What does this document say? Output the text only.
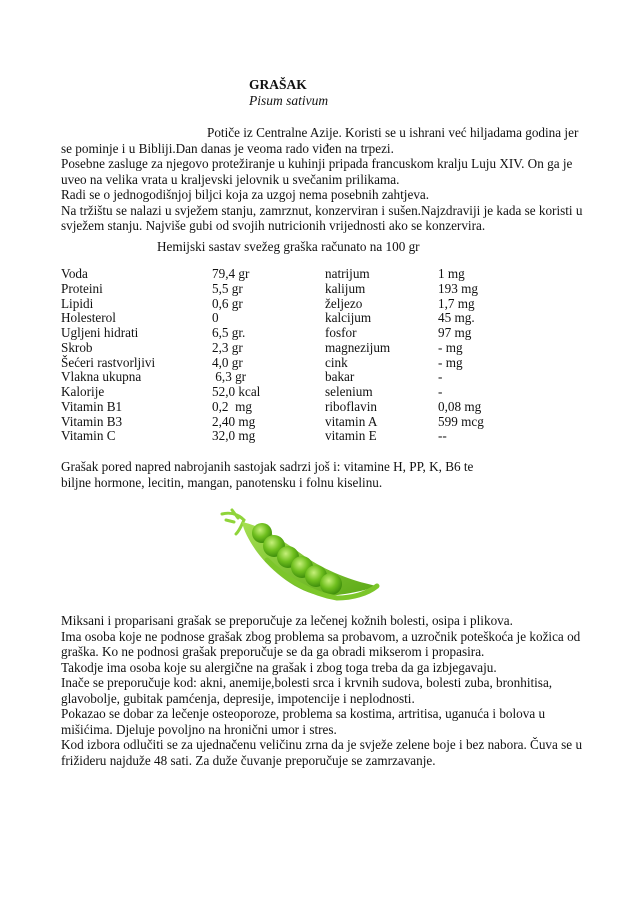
GRAŠAK
Pisum sativum
Potiče iz Centralne Azije. Koristi se u ishrani već hiljadama godina jer
se pominje i u Bibliji.Dan danas je veoma rado viđen na trpezi.
Posebne zasluge za njegovo protežiranje u kuhinji pripada francuskom kralju Luju XIV. On ga je
uveo na velika vrata u kraljevski jelovnik u svečanim prilikama.
Radi se o jednogodišnjoj biljci koja za uzgoj nema posebnih zahtjeva.
Na tržištu se nalazi u svježem stanju, zamrznut, konzerviran i sušen.Najzdraviji je kada se koristi u
svježem stanju. Najviše gubi od svojih nutricionih vrijednosti ako se konzervira.
Hemijski sastav svežeg graška računato na 100 gr
Voda	79,4 gr	natrijum	1 mg
Proteini	5,5 gr	kalijum	193 mg
Lipidi	0,6 gr	željezo	1,7 mg
Holesterol	0	kalcijum	45 mg.
Ugljeni hidrati	6,5 gr.	fosfor	97 mg
Skrob	2,3 gr	magnezijum	- mg
Šećeri rastvorljivi	4,0 gr	cink	- mg
Vlakna ukupna	6,3 gr	bakar	-
Kalorije	52,0 kcal	selenium	-
Vitamin B1	0,2  mg	riboflavin	0,08 mg
Vitamin B3	2,40 mg	vitamin A	599 mcg
Vitamin C	32,0 mg	vitamin E	--
Grašak pored napred nabrojanih sastojak sadrzi još i: vitamine H, PP, K, B6 te
biljne hormone, lecitin, mangan, panotensku i folnu kiselinu.
Miksani i proparisani grašak se preporučuje za lečenej kožnih bolesti, osipa i plikova.
Ima osoba koje ne podnose grašak zbog problema sa probavom, a uzročnik poteškoća je kožica od
graška. Ko ne podnosi grašak preporučuje se da ga obradi mikserom i propasira.
Takodje ima osoba koje su alergične na grašak i zbog toga treba da ga izbjegavaju.
Inače se preporučuje kod: akni, anemije,bolesti srca i krvnih sudova, bolesti zuba, bronhitisa,
glavobolje, gubitak pamćenja, depresije, impotencije i neplodnosti.
Pokazao se dobar za lečenje osteoporoze, problema sa kostima, artritisa, uganuća i bolova u
mišićima. Djeluje povoljno na hronični umor i stres.
Kod izbora odlučiti se za ujednačenu veličinu zrna da je svježe zelene boje i bez nabora. Čuva se u
frižideru najduže 48 sati. Za duže čuvanje preporučuje se zamrzavanje.
